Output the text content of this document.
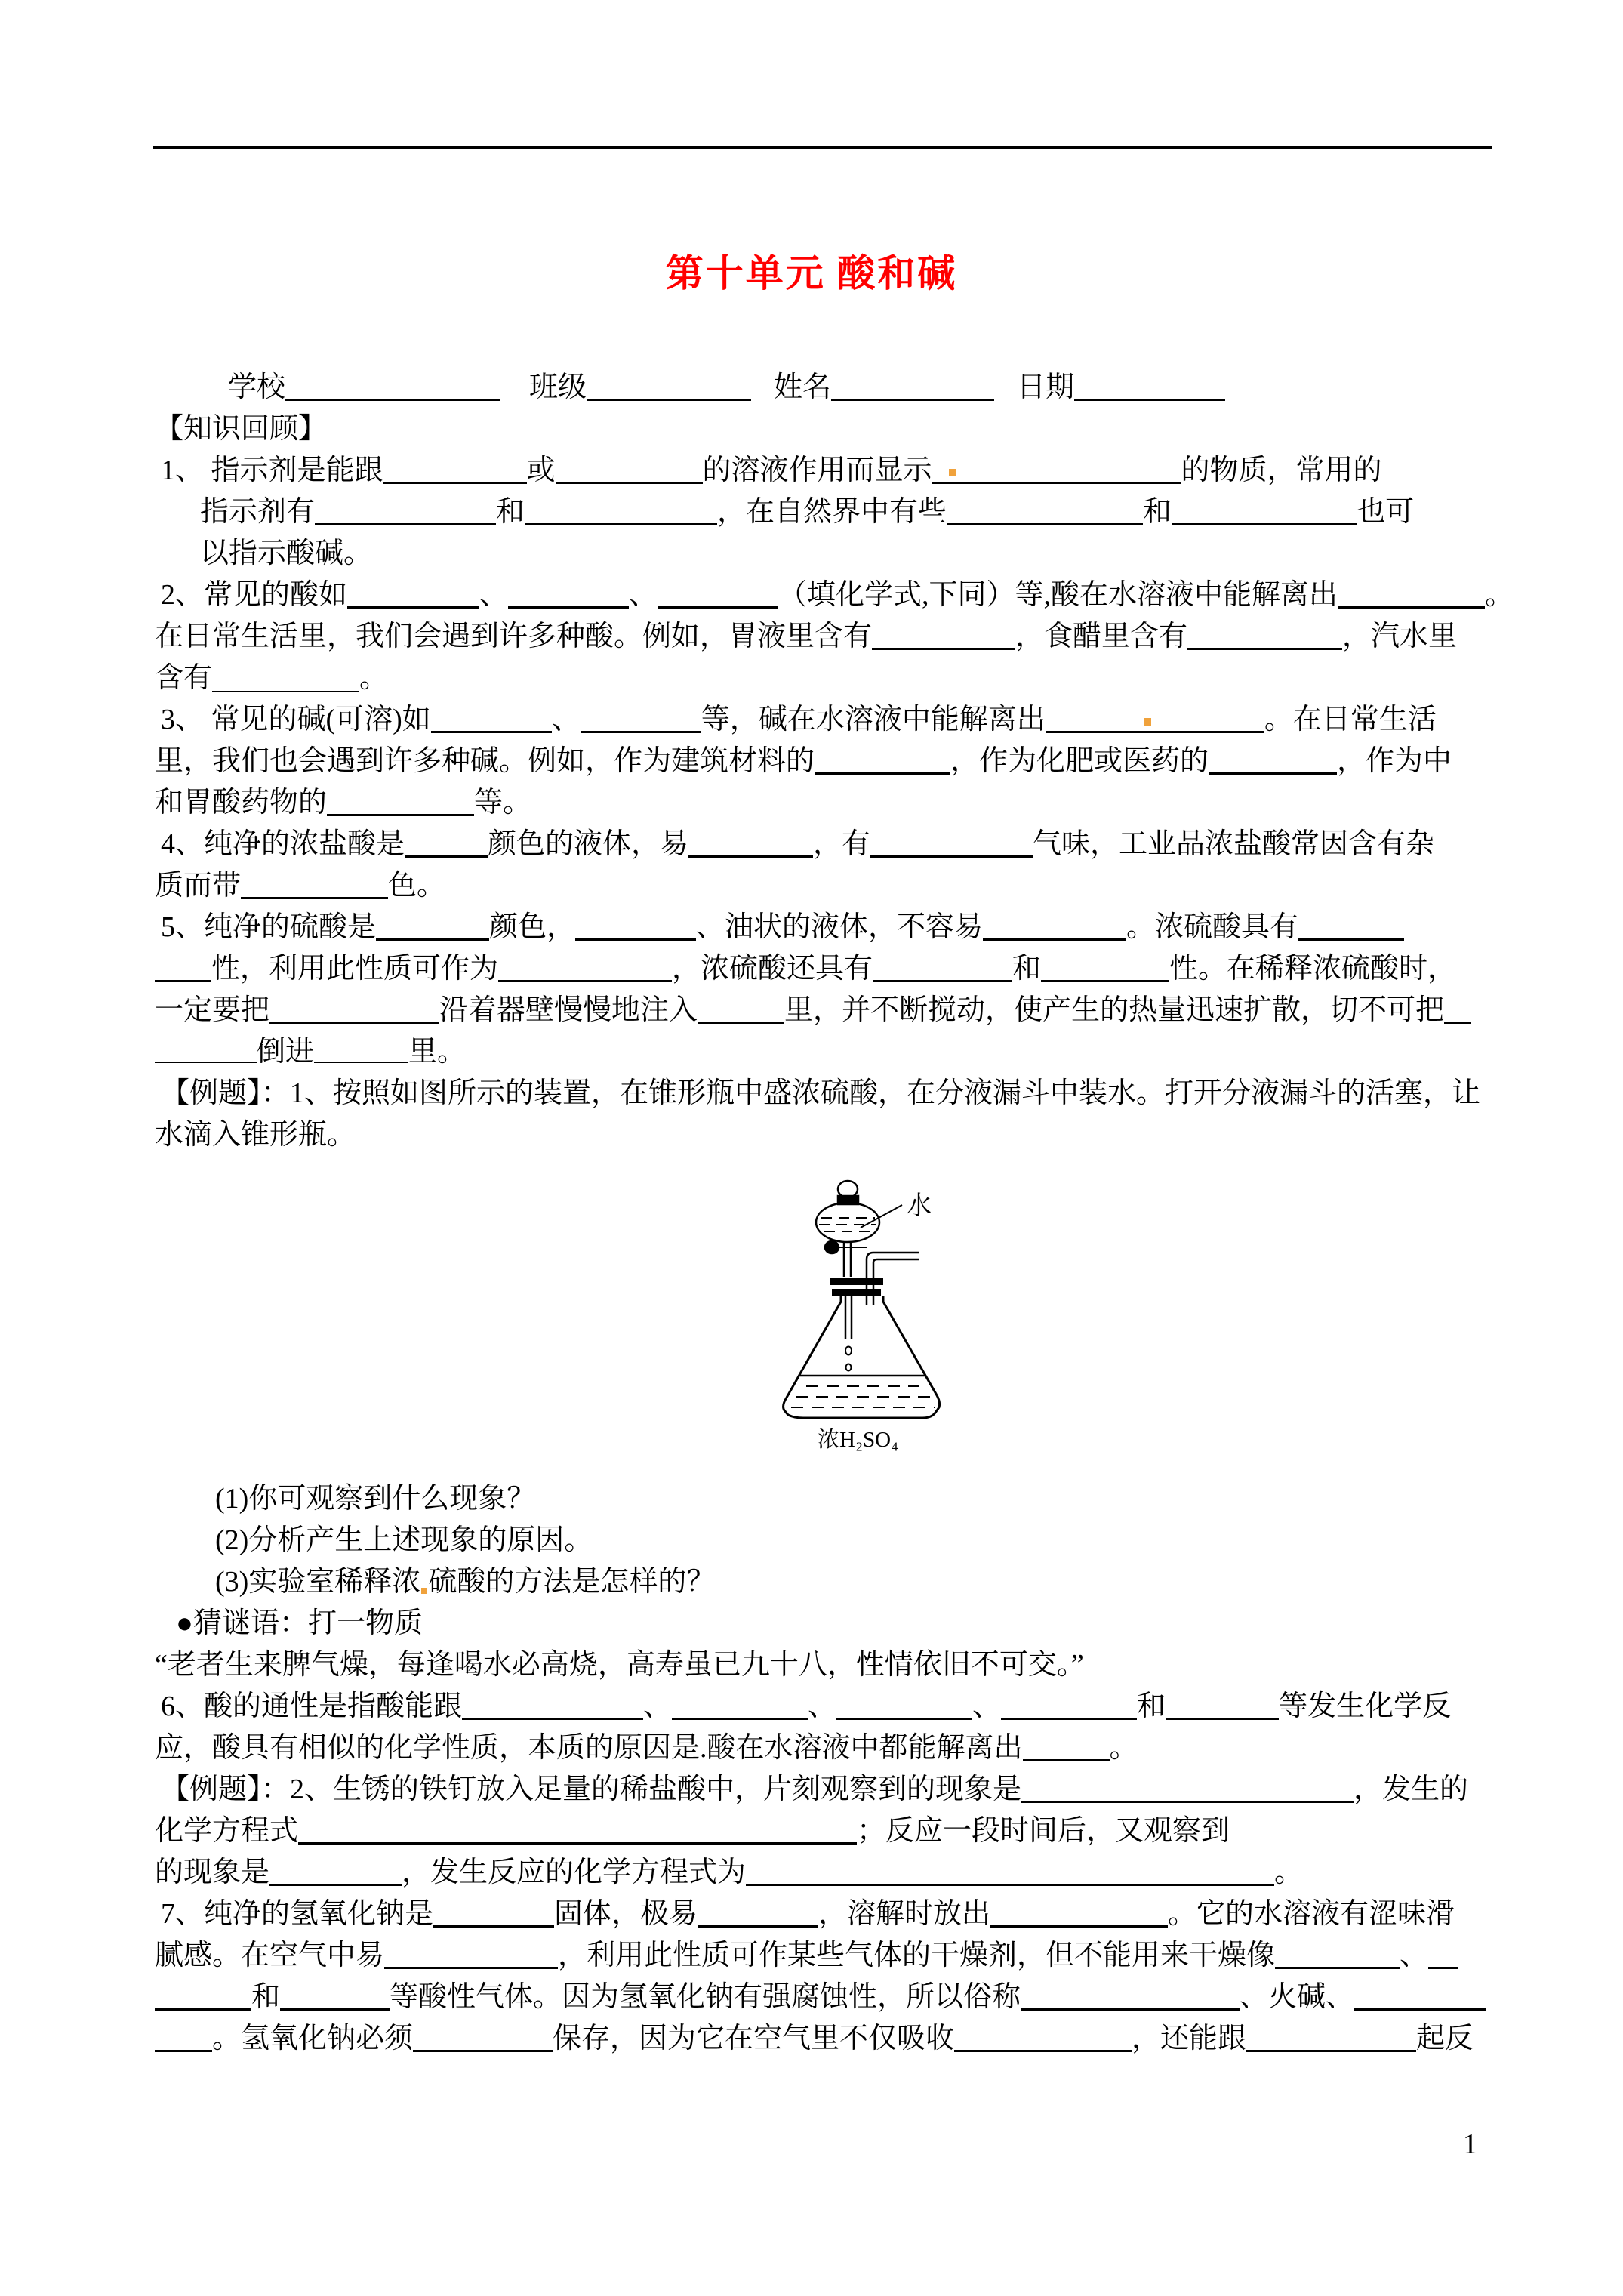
第十单元 酸和碱
学校	班级	姓名	日期
【知识回顾】
1、 指示剂是能跟	或	的溶液作用而显示	的物质，常用的
指示剂有	和	，在自然界中有些	和	也可
以指示酸碱。
2、常见的酸如	、	、	（填化学式,下同）等,酸在水溶液中能解离出	。
在日常生活里，我们会遇到许多种酸。例如，胃液里含有	，食醋里含有	，汽水里
含有	。
3、 常见的碱(可溶)如	、	等，碱在水溶液中能解离出	。在日常生活
里，我们也会遇到许多种碱。例如，作为建筑材料的	，作为化肥或医药的	，作为中
和胃酸药物的	等。
4、纯净的浓盐酸是	颜色的液体，易	，有	气味，工业品浓盐酸常因含有杂
质而带	色。
5、纯净的硫酸是	颜色，	、油状的液体，不容易	。浓硫酸具有
性，利用此性质可作为	，浓硫酸还具有	和	性。在稀释浓硫酸时，
一定要把	沿着器壁慢慢地注入	里，并不断搅动，使产生的热量迅速扩散，切不可把
倒进	里。
【例题】：1、按照如图所示的装置，在锥形瓶中盛浓硫酸，在分液漏斗中装水。打开分液漏斗的活塞，让
水滴入锥形瓶。
水
浓H₂SO₄
(1)你可观察到什么现象？
(2)分析产生上述现象的原因。
(3)实验室稀释浓 硫酸的方法是怎样的？
●猜谜语：打一物质
“老者生来脾气燥，每逢喝水必高烧，高寿虽已九十八，性情依旧不可交。”
6、酸的通性是指酸能跟	、	、	、	和	等发生化学反
应，酸具有相似的化学性质，本质的原因是.酸在水溶液中都能解离出	。
【例题】：2、生锈的铁钉放入足量的稀盐酸中，片刻观察到的现象是	，发生的
化学方程式	；反应一段时间后，又观察到
的现象是	，发生反应的化学方程式为	。
7、纯净的氢氧化钠是	固体，极易	，溶解时放出	。它的水溶液有涩味滑
腻感。在空气中易	，利用此性质可作某些气体的干燥剂，但不能用来干燥像	、
和	等酸性气体。因为氢氧化钠有强腐蚀性，所以俗称	、火碱、
。氢氧化钠必须	保存，因为它在空气里不仅吸收	，还能跟	起反
1
